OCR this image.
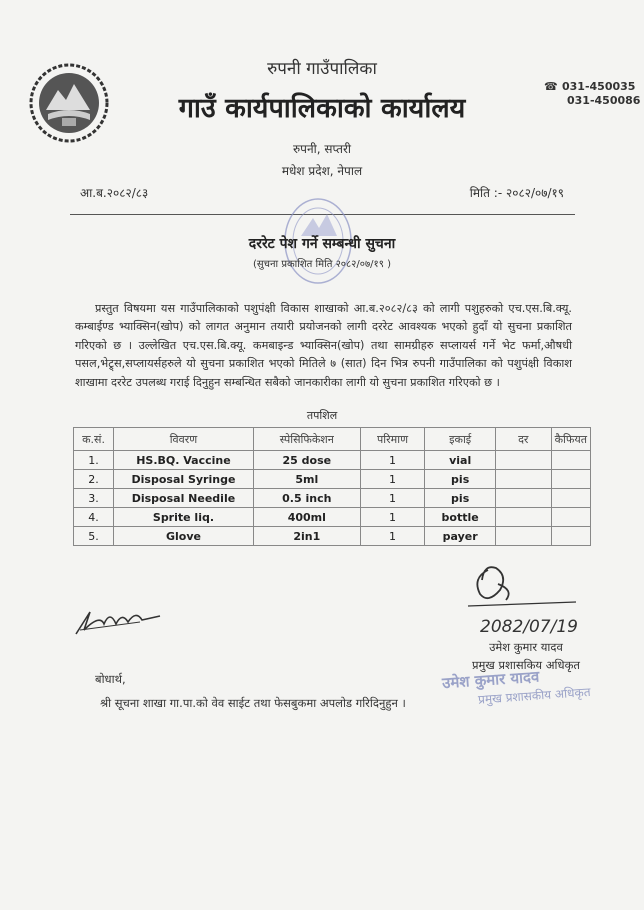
रुपनी गाउँपालिका
गाउँ कार्यपालिकाको कार्यालय
रुपनी, सप्तरी
मधेश प्रदेश, नेपाल
☎ 031-450035
031-450086
आ.ब.२०८२/८३	मिति :- २०८२/०७/१९
दररेट पेश गर्ने सम्बन्धी सुचना
(सुचना प्रकाशित मिति २०८२/०७/१९ )
प्रस्तुत विषयमा यस गाउँपालिकाको पशुपंक्षी विकास शाखाको आ.ब.२०८२/८३ को लागी पशुहरुको एच.एस.बि.क्यू. कम्बाईण्ड भ्याक्सिन(खोप) को लागत अनुमान तयारी प्रयोजनको लागी दररेट आवश्यक भएको हुदाँ यो सुचना प्रकाशित गरिएको छ । उल्लेखित एच.एस.बि.क्यू. कमबाइन्ड भ्याक्सिन(खोप) तथा सामग्रीहरु सप्लायर्स गर्ने भेट फर्मा,औषधी पसल,भेट्र्स,सप्लायर्सहरुले यो सुचना प्रकाशित भएको मितिले ७ (सात) दिन भित्र रुपनी गाउँपालिका को पशुपंक्षी विकाश शाखामा दररेट उपलब्ध गराई दिनुहुन सम्बन्धित सबैको जानकारीका लागी यो सुचना प्रकाशित गरिएको छ ।
तपशिल
क.सं.	विवरण	स्पेसिफिकेशन	परिमाण	इकाई	दर	कैफियत
1.	HS.BQ. Vaccine	25 dose	1	vial		
2.	Disposal Syringe	5ml	1	pis		
3.	Disposal Needile	0.5 inch	1	pis		
4.	Sprite liq.	400ml	1	bottle		
5.	Glove	2in1	1	payer		
2082/07/19
उमेश कुमार यादव
प्रमुख प्रशासकिय अधिकृत
उमेश कुमार यादव
प्रमुख प्रशासकीय अधिकृत
बोधार्थ,
श्री सूचना शाखा गा.पा.को वेव साईट तथा फेसबुकमा अपलोड गरिदिनुहुन ।
